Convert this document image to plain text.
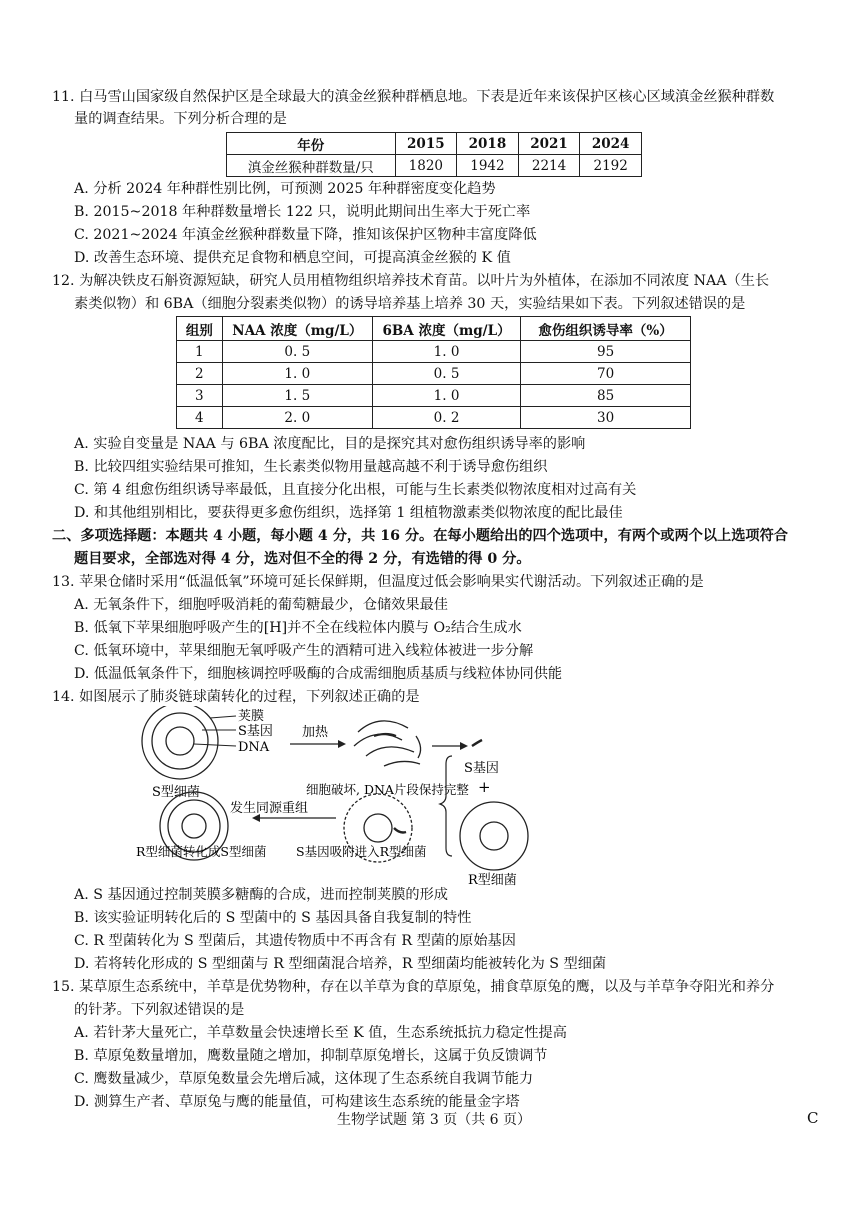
11. 白马雪山国家级自然保护区是全球最大的滇金丝猴种群栖息地。下表是近年来该保护区核心区域滇金丝猴种群数
量的调查结果。下列分析合理的是
年份	2015	2018	2021	2024
滇金丝猴种群数量/只	1820	1942	2214	2192
A. 分析 2024 年种群性别比例，可预测 2025 年种群密度变化趋势
B. 2015~2018 年种群数量增长 122 只，说明此期间出生率大于死亡率
C. 2021~2024 年滇金丝猴种群数量下降，推知该保护区物种丰富度降低
D. 改善生态环境、提供充足食物和栖息空间，可提高滇金丝猴的 K 值
12. 为解决铁皮石斛资源短缺，研究人员用植物组织培养技术育苗。以叶片为外植体，在添加不同浓度 NAA（生长
素类似物）和 6BA（细胞分裂素类似物）的诱导培养基上培养 30 天，实验结果如下表。下列叙述错误的是
组别	NAA 浓度（mg/L）	6BA 浓度（mg/L）	愈伤组织诱导率（%）
1	0. 5	1. 0	95
2	1. 0	0. 5	70
3	1. 5	1. 0	85
4	2. 0	0. 2	30
A. 实验自变量是 NAA 与 6BA 浓度配比，目的是探究其对愈伤组织诱导率的影响
B. 比较四组实验结果可推知，生长素类似物用量越高越不利于诱导愈伤组织
C. 第 4 组愈伤组织诱导率最低，且直接分化出根，可能与生长素类似物浓度相对过高有关
D. 和其他组别相比，要获得更多愈伤组织，选择第 1 组植物激素类似物浓度的配比最佳
二、多项选择题：本题共 4 小题，每小题 4 分，共 16 分。在每小题给出的四个选项中，有两个或两个以上选项符合
题目要求，全部选对得 4 分，选对但不全的得 2 分，有选错的得 0 分。
13. 苹果仓储时采用“低温低氧”环境可延长保鲜期，但温度过低会影响果实代谢活动。下列叙述正确的是
A. 无氧条件下，细胞呼吸消耗的葡萄糖最少，仓储效果最佳
B. 低氧下苹果细胞呼吸产生的[H]并不全在线粒体内膜与 O₂结合生成水
C. 低氧环境中，苹果细胞无氧呼吸产生的酒精可进入线粒体被进一步分解
D. 低温低氧条件下，细胞核调控呼吸酶的合成需细胞质基质与线粒体协同供能
14. 如图展示了肺炎链球菌转化的过程，下列叙述正确的是
荚膜
S基因
DNA
S型细菌
加热
细胞破坏, DNA片段保持完整
S基因
+
R型细菌
S基因吸附进入R型细菌
发生同源重组
R型细菌转化成S型细菌
A. S 基因通过控制荚膜多糖酶的合成，进而控制荚膜的形成
B. 该实验证明转化后的 S 型菌中的 S 基因具备自我复制的特性
C. R 型菌转化为 S 型菌后，其遗传物质中不再含有 R 型菌的原始基因
D. 若将转化形成的 S 型细菌与 R 型细菌混合培养，R 型细菌均能被转化为 S 型细菌
15. 某草原生态系统中，羊草是优势物种，存在以羊草为食的草原兔，捕食草原兔的鹰，以及与羊草争夺阳光和养分
的针茅。下列叙述错误的是
A. 若针茅大量死亡，羊草数量会快速增长至 K 值，生态系统抵抗力稳定性提高
B. 草原兔数量增加，鹰数量随之增加，抑制草原兔增长，这属于负反馈调节
C. 鹰数量减少，草原兔数量会先增后减，这体现了生态系统自我调节能力
D. 测算生产者、草原兔与鹰的能量值，可构建该生态系统的能量金字塔
生物学试题 第 3 页（共 6 页）	C
